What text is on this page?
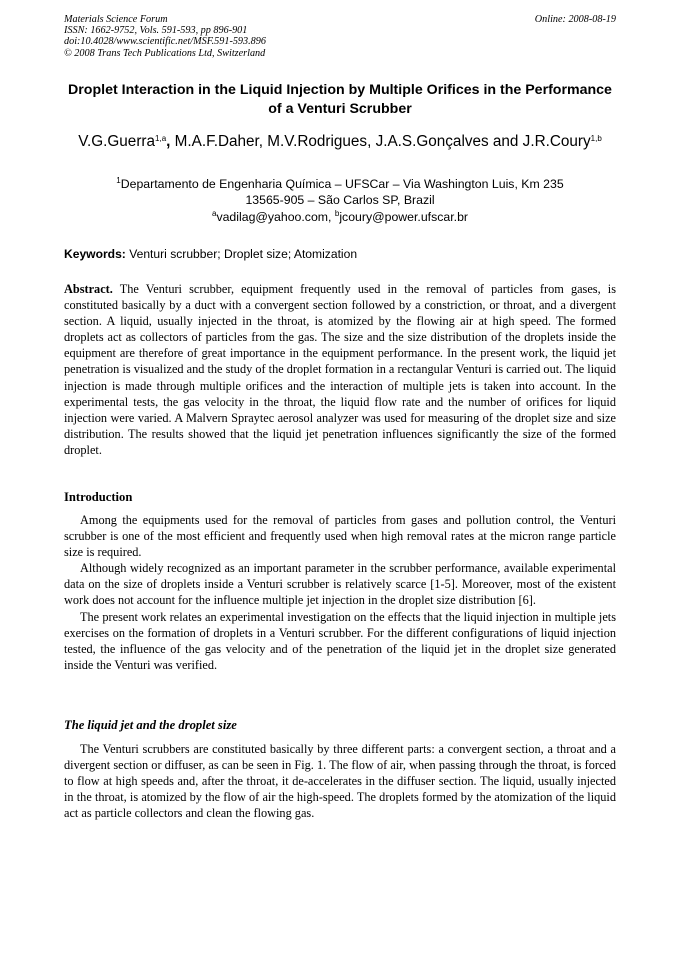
Materials Science Forum
ISSN: 1662-9752, Vols. 591-593, pp 896-901
doi:10.4028/www.scientific.net/MSF.591-593.896
© 2008 Trans Tech Publications Ltd, Switzerland
Online: 2008-08-19
Droplet Interaction in the Liquid Injection by Multiple Orifices in the Performance of a Venturi Scrubber
V.G.Guerra$^{1,a}$, M.A.F.Daher, M.V.Rodrigues, J.A.S.Gonçalves and J.R.Coury$^{1,b}$
$^1$Departamento de Engenharia Química – UFSCar – Via Washington Luis, Km 235
13565-905 – São Carlos SP, Brazil
$^a$vadilag@yahoo.com, $^b$jcoury@power.ufscar.br
Keywords: Venturi scrubber; Droplet size; Atomization
Abstract. The Venturi scrubber, equipment frequently used in the removal of particles from gases, is constituted basically by a duct with a convergent section followed by a constriction, or throat, and a divergent section. A liquid, usually injected in the throat, is atomized by the flowing air at high speed. The formed droplets act as collectors of particles from the gas. The size and the size distribution of the droplets inside the equipment are therefore of great importance in the equipment performance. In the present work, the liquid jet penetration is visualized and the study of the droplet formation in a rectangular Venturi is carried out. The liquid injection is made through multiple orifices and the interaction of multiple jets is taken into account. In the experimental tests, the gas velocity in the throat, the liquid flow rate and the number of orifices for liquid injection were varied. A Malvern Spraytec aerosol analyzer was used for measuring of the droplet size and size distribution. The results showed that the liquid jet penetration influences significantly the size of the formed droplet.
Introduction

Among the equipments used for the removal of particles from gases and pollution control, the Venturi scrubber is one of the most efficient and frequently used when high removal rates at the micron range particle size is required.

Although widely recognized as an important parameter in the scrubber performance, available experimental data on the size of droplets inside a Venturi scrubber is relatively scarce [1-5]. Moreover, most of the existent work does not account for the influence multiple jet injection in the droplet size distribution [6].

The present work relates an experimental investigation on the effects that the liquid injection in multiple jets exercises on the formation of droplets in a Venturi scrubber. For the different configurations of liquid injection tested, the influence of the gas velocity and of the penetration of the liquid jet in the droplet size generated inside the Venturi was verified.

The liquid jet and the droplet size

The Venturi scrubbers are constituted basically by three different parts: a convergent section, a throat and a divergent section or diffuser, as can be seen in Fig. 1. The flow of air, when passing through the throat, is forced to flow at high speeds and, after the throat, it de-accelerates in the diffuser section. The liquid, usually injected in the throat, is atomized by the flow of air the high-speed. The droplets formed by the atomization of the liquid act as particle collectors and clean the flowing gas.
